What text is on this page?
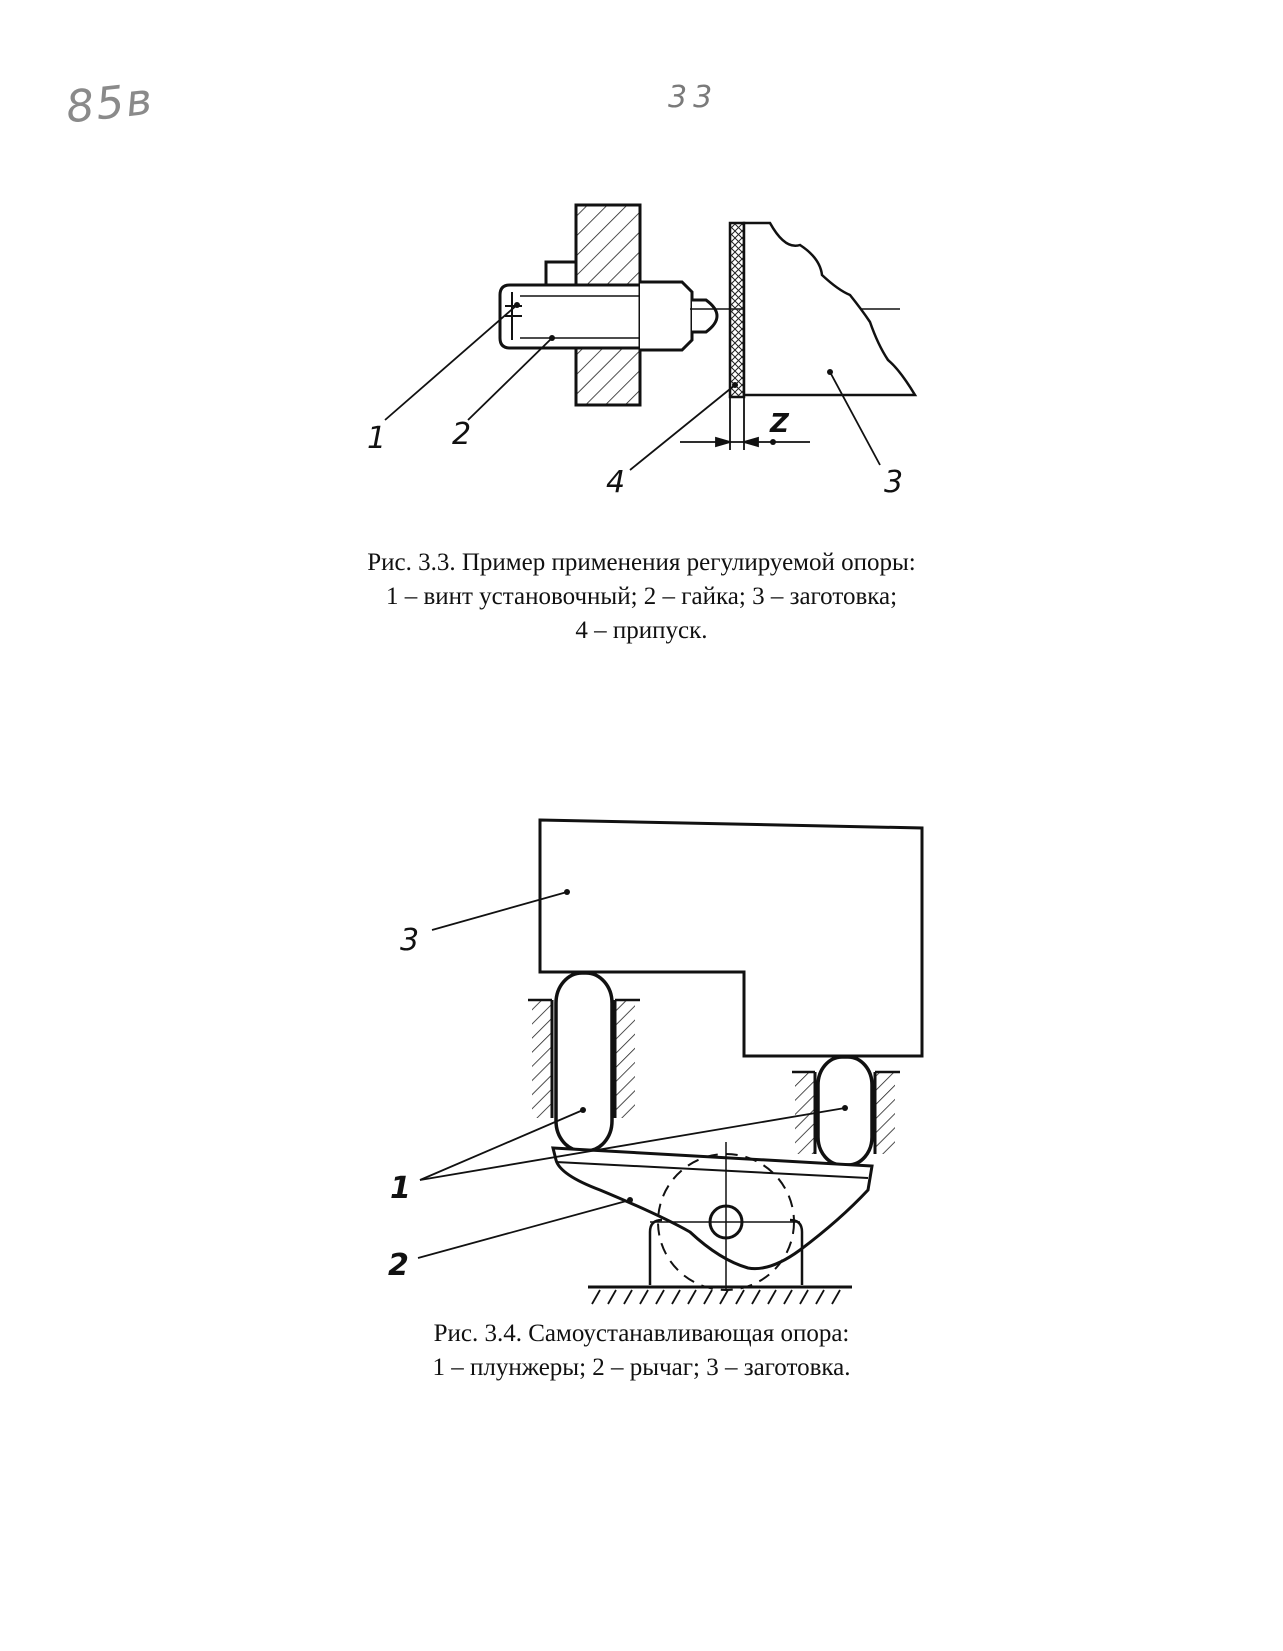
85в	33
1 2
4	3
Z
Рис. 3.3. Пример применения регулируемой опоры:
1 – винт установочный; 2 – гайка; 3 – заготовка;
4 – припуск.
3
1
2
Рис. 3.4. Самоустанавливающая опора:
1 – плунжеры; 2 – рычаг; 3 – заготовка.
